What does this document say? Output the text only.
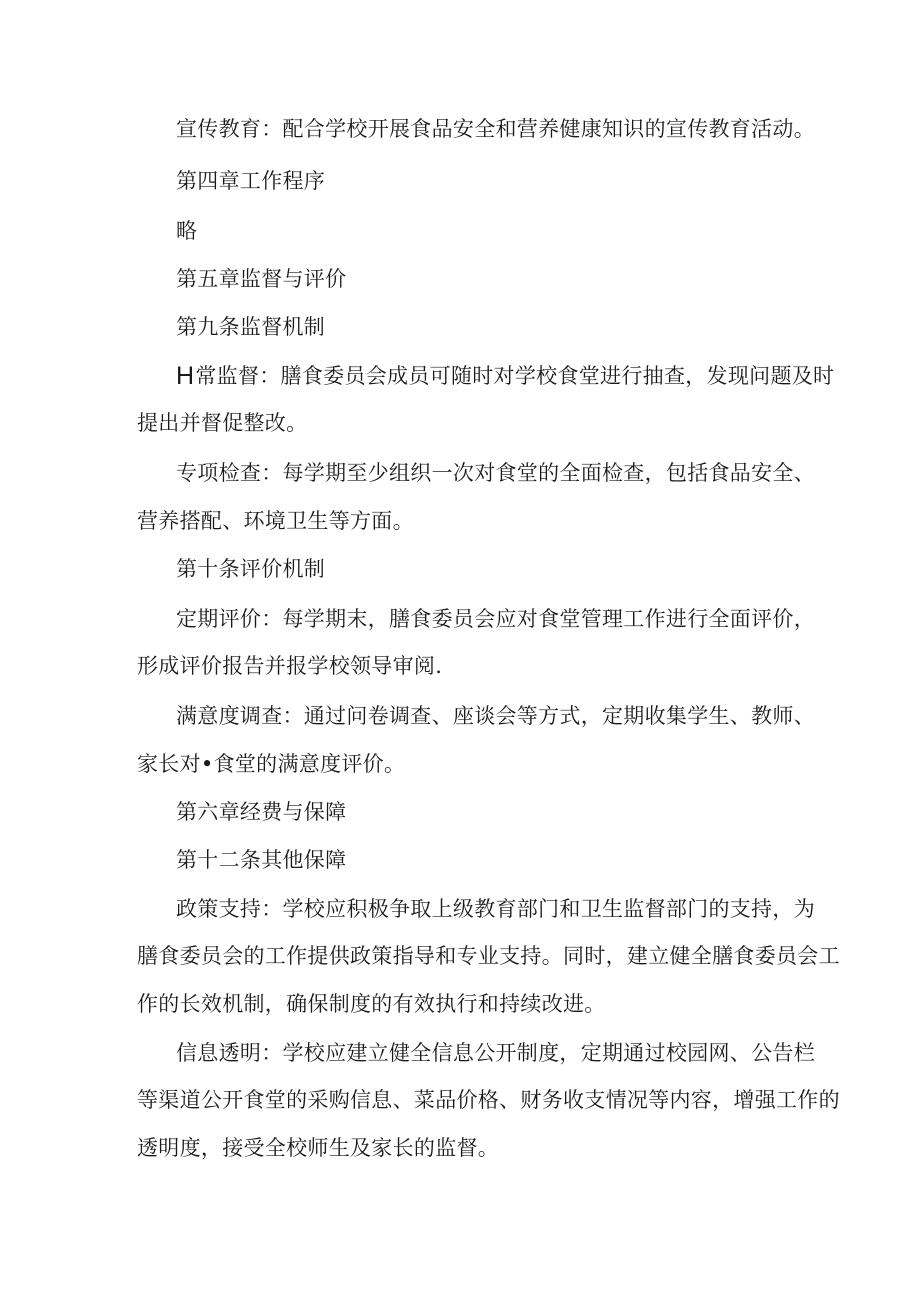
宣传教育：配合学校开展食品安全和营养健康知识的宣传教育活动。
第四章工作程序
略
第五章监督与评价
第九条监督机制
H常监督：膳食委员会成员可随时对学校食堂进行抽查，发现问题及时
提出并督促整改。
专项检查：每学期至少组织一次对食堂的全面检查，包括食品安全、
营养搭配、环境卫生等方面。
第十条评价机制
定期评价：每学期末，膳食委员会应对食堂管理工作进行全面评价，
形成评价报告并报学校领导审阅.
满意度调查：通过问卷调查、座谈会等方式，定期收集学生、教师、
家长对•食堂的满意度评价。
第六章经费与保障
第十二条其他保障
政策支持：学校应积极争取上级教育部门和卫生监督部门的支持，为
膳食委员会的工作提供政策指导和专业支持。同时，建立健全膳食委员会工
作的长效机制，确保制度的有效执行和持续改进。
信息透明：学校应建立健全信息公开制度，定期通过校园网、公告栏
等渠道公开食堂的采购信息、菜品价格、财务收支情况等内容，增强工作的
透明度，接受全校师生及家长的监督。
